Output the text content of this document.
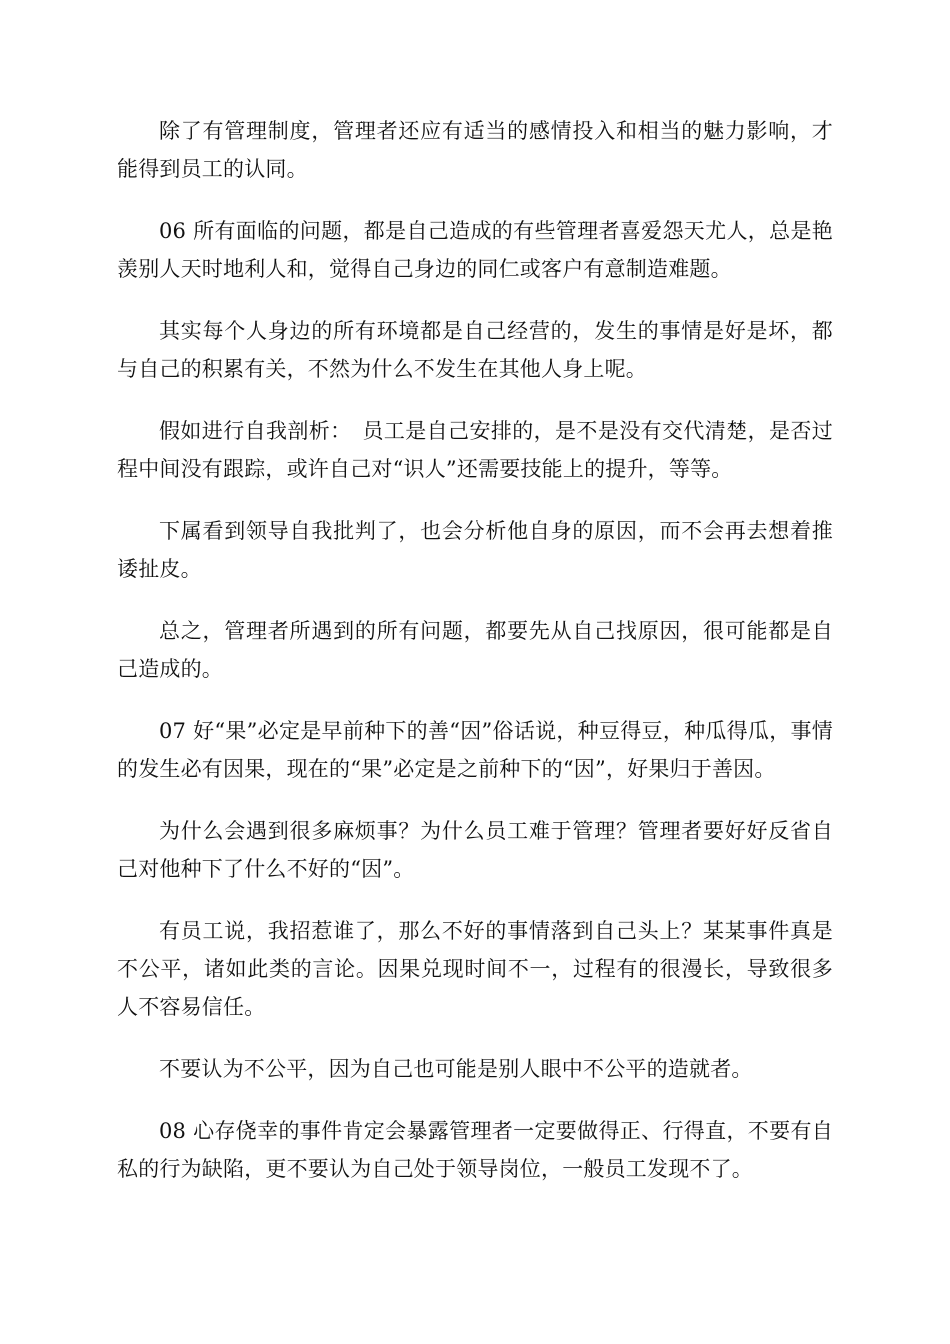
除了有管理制度，管理者还应有适当的感情投入和相当的魅力影响，才能得到员工的认同。

06 所有面临的问题，都是自己造成的有些管理者喜爱怨天尤人，总是艳羡别人天时地利人和，觉得自己身边的同仁或客户有意制造难题。

其实每个人身边的所有环境都是自己经营的，发生的事情是好是坏，都与自己的积累有关，不然为什么不发生在其他人身上呢。

假如进行自我剖析：　员工是自己安排的，是不是没有交代清楚，是否过程中间没有跟踪，或许自己对“识人”还需要技能上的提升，等等。

下属看到领导自我批判了，也会分析他自身的原因，而不会再去想着推诿扯皮。

总之，管理者所遇到的所有问题，都要先从自己找原因，很可能都是自己造成的。

07 好“果”必定是早前种下的善“因”俗话说，种豆得豆，种瓜得瓜，事情的发生必有因果，现在的“果”必定是之前种下的“因”，好果归于善因。

为什么会遇到很多麻烦事？为什么员工难于管理？管理者要好好反省自己对他种下了什么不好的“因”。

有员工说，我招惹谁了，那么不好的事情落到自己头上？某某事件真是不公平，诸如此类的言论。因果兑现时间不一，过程有的很漫长，导致很多人不容易信任。

不要认为不公平，因为自己也可能是别人眼中不公平的造就者。

08 心存侥幸的事件肯定会暴露管理者一定要做得正、行得直，不要有自私的行为缺陷，更不要认为自己处于领导岗位，一般员工发现不了。
